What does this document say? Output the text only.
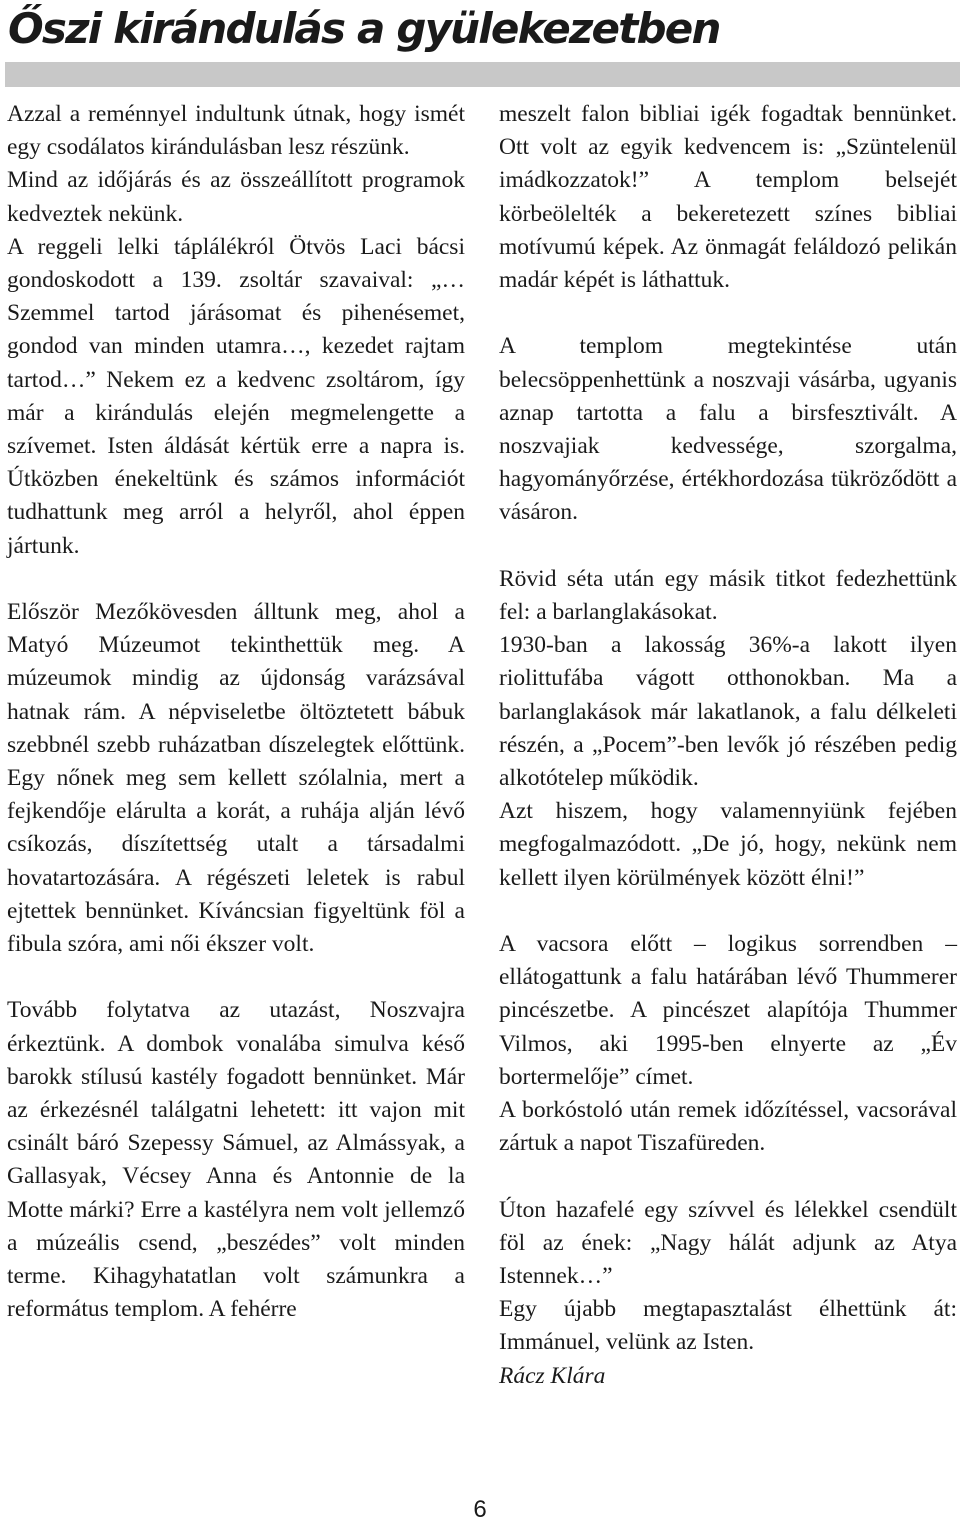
Őszi kirándulás a gyülekezetben

Azzal a reménnyel indultunk útnak, hogy ismét egy csodálatos kirándulásban lesz részünk.

Mind az időjárás és az összeállított programok kedveztek nekünk.

A reggeli lelki táplálékról Ötvös Laci bácsi gondoskodott a 139. zsoltár szavaival: „…Szemmel tartod járásomat és pihenésemet, gondod van minden utamra…, kezedet rajtam tartod…” Nekem ez a kedvenc zsoltárom, így már a kirándulás elején megmelengette a szívemet. Isten áldását kértük erre a napra is. Útközben énekeltünk és számos információt tudhattunk meg arról a helyről, ahol éppen jártunk.

Először Mezőkövesden álltunk meg, ahol a Matyó Múzeumot tekinthettük meg. A múzeumok mindig az újdonság varázsával hatnak rám. A népviseletbe öltöztetett bábuk szebbnél szebb ruházatban díszelegtek előttünk. Egy nőnek meg sem kellett szólalnia, mert a fejkendője elárulta a korát, a ruhája alján lévő csíkozás, díszítettség utalt a társadalmi hovatartozására. A régészeti leletek is rabul ejtettek bennünket. Kíváncsian figyeltünk föl a fibula szóra, ami női ékszer volt.

Tovább folytatva az utazást, Noszvajra érkeztünk. A dombok vonalába simulva késő barokk stílusú kastély fogadott bennünket. Már az érkezésnél találgatni lehetett: itt vajon mit csinált báró Szepessy Sámuel, az Almássyak, a Gallasyak, Vécsey Anna és Antonnie de la Motte márki? Erre a kastélyra nem volt jellemző a múzeális csend, „beszédes” volt minden terme. Kihagyhatatlan volt számunkra a református templom. A fehérre

meszelt falon bibliai igék fogadtak bennünket. Ott volt az egyik kedvencem is: „Szüntelenül imádkozzatok!” A templom belsejét körbeölelték a bekeretezett színes bibliai motívumú képek. Az önmagát feláldozó pelikán madár képét is láthattuk.

A templom megtekintése után belecsöppenhettünk a noszvaji vásárba, ugyanis aznap tartotta a falu a birsfesztivált. A noszvajiak kedvessége, szorgalma, hagyományőrzése, értékhordozása tükröződött a vásáron.

Rövid séta után egy másik titkot fedezhettünk fel: a barlanglakásokat.

1930-ban a lakosság 36%-a lakott ilyen riolittufába vágott otthonokban. Ma a barlanglakások már lakatlanok, a falu délkeleti részén, a „Pocem”-ben levők jó részében pedig alkotótelep működik.

Azt hiszem, hogy valamennyiünk fejében megfogalmazódott. „De jó, hogy, nekünk nem kellett ilyen körülmények között élni!”

A vacsora előtt – logikus sorrendben – ellátogattunk a falu határában lévő Thummerer pincészetbe. A pincészet alapítója Thummer Vilmos, aki 1995-ben elnyerte az „Év bortermelője” címet.

A borkóstoló után remek időzítéssel, vacsorával zártuk a napot Tiszafüreden.

Úton hazafelé egy szívvel és lélekkel csendült föl az ének: „Nagy hálát adjunk az Atya Istennek…”

Egy újabb megtapasztalást élhettünk át: Immánuel, velünk az Isten.

Rácz Klára

6
